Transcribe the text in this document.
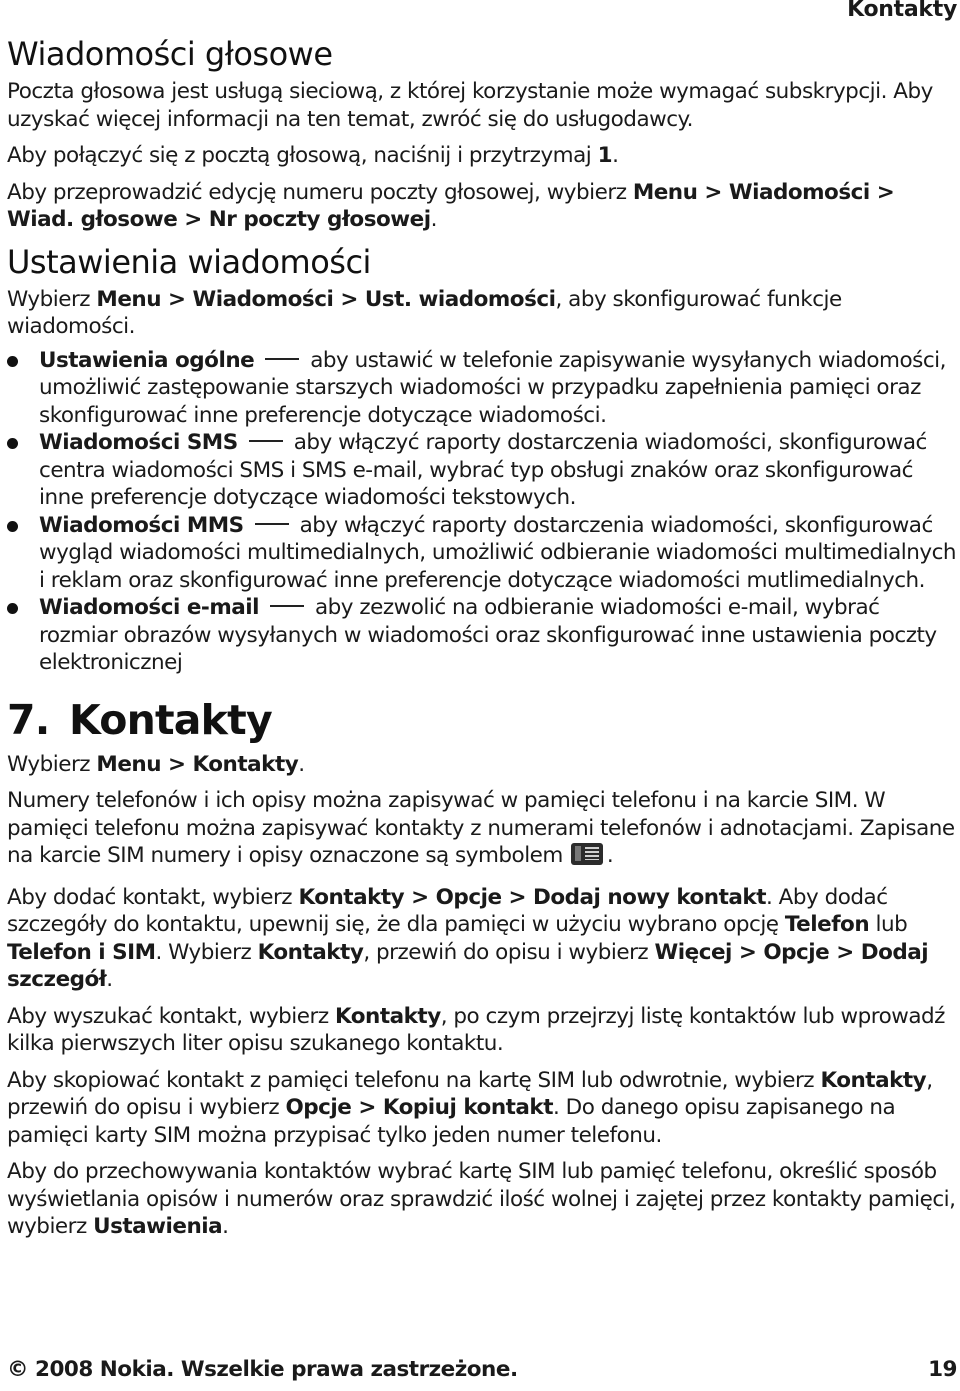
Kontakty
Wiadomości głosowe

Poczta głosowa jest usługą sieciową, z której korzystanie może wymagać subskrypcji. Aby uzyskać więcej informacji na ten temat, zwróć się do usługodawcy.

Aby połączyć się z pocztą głosową, naciśnij i przytrzymaj 1.

Aby przeprowadzić edycję numeru poczty głosowej, wybierz Menu > Wiadomości > Wiad. głosowe > Nr poczty głosowej.

Ustawienia wiadomości

Wybierz Menu > Wiadomości > Ust. wiadomości, aby skonfigurować funkcje wiadomości.

Ustawienia ogólne	aby ustawić w telefonie zapisywanie wysyłanych wiadomości, umożliwić zastępowanie starszych wiadomości w przypadku zapełnienia pamięci oraz skonfigurować inne preferencje dotyczące wiadomości.
Wiadomości SMS	aby włączyć raporty dostarczenia wiadomości, skonfigurować centra wiadomości SMS i SMS e-mail, wybrać typ obsługi znaków oraz skonfigurować inne preferencje dotyczące wiadomości tekstowych.
Wiadomości MMS	aby włączyć raporty dostarczenia wiadomości, skonfigurować wygląd wiadomości multimedialnych, umożliwić odbieranie wiadomości multimedialnych i reklam oraz skonfigurować inne preferencje dotyczące wiadomości mutlimedialnych.
Wiadomości e-mail	aby zezwolić na odbieranie wiadomości e-mail, wybrać rozmiar obrazów wysyłanych w wiadomości oraz skonfigurować inne ustawienia poczty elektronicznej
7. Kontakty

Wybierz Menu > Kontakty.

Numery telefonów i ich opisy można zapisywać w pamięci telefonu i na karcie SIM. W pamięci telefonu można zapisywać kontakty z numerami telefonów i adnotacjami. Zapisane na karcie SIM numery i opisy oznaczone są symbolem .

Aby dodać kontakt, wybierz Kontakty > Opcje > Dodaj nowy kontakt. Aby dodać szczegóły do kontaktu, upewnij się, że dla pamięci w użyciu wybrano opcję Telefon lub Telefon i SIM. Wybierz Kontakty, przewiń do opisu i wybierz Więcej > Opcje > Dodaj szczegół.

Aby wyszukać kontakt, wybierz Kontakty, po czym przejrzyj listę kontaktów lub wprowadź kilka pierwszych liter opisu szukanego kontaktu.

Aby skopiować kontakt z pamięci telefonu na kartę SIM lub odwrotnie, wybierz Kontakty, przewiń do opisu i wybierz Opcje > Kopiuj kontakt. Do danego opisu zapisanego na pamięci karty SIM można przypisać tylko jeden numer telefonu.

Aby do przechowywania kontaktów wybrać kartę SIM lub pamięć telefonu, określić sposób wyświetlania opisów i numerów oraz sprawdzić ilość wolnej i zajętej przez kontakty pamięci, wybierz Ustawienia.

© 2008 Nokia. Wszelkie prawa zastrzeżone.	19
